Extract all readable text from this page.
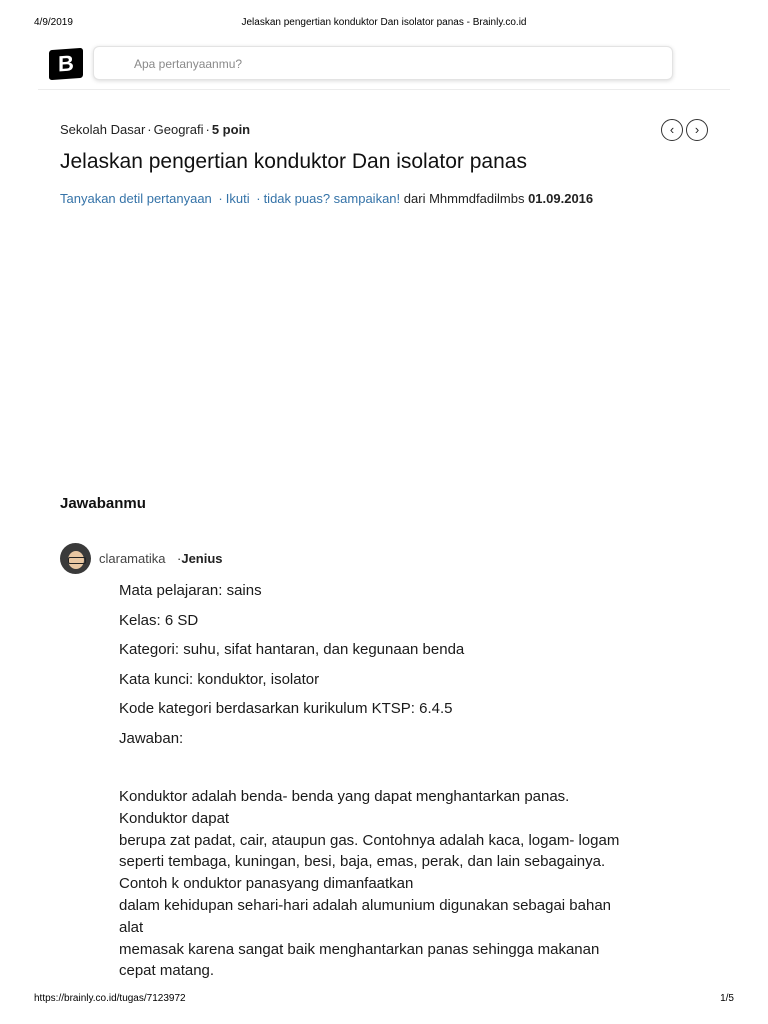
4/9/2019	Jelaskan pengertian konduktor Dan isolator panas - Brainly.co.id
B
Apa pertanyaanmu?
Sekolah Dasar · Geografi · 5 poin	‹	›
Jelaskan pengertian konduktor Dan isolator panas
Tanyakan detil pertanyaan · Ikuti · tidak puas? sampaikan! dari Mhmmdfadilmbs 01.09.2016
Jawabanmu
claramatika ·Jenius
Mata pelajaran: sains
Kelas: 6 SD
Kategori: suhu, sifat hantaran, dan kegunaan benda
Kata kunci: konduktor, isolator
Kode kategori berdasarkan kurikulum KTSP: 6.4.5
Jawaban:
Konduktor adalah benda- benda yang dapat menghantarkan panas.
Konduktor dapat
berupa zat padat, cair, ataupun gas. Contohnya adalah kaca, logam- logam
seperti tembaga, kuningan, besi, baja, emas, perak, dan lain sebagainya.
Contoh k onduktor panasyang dimanfaatkan
dalam kehidupan sehari-hari adalah alumunium digunakan sebagai bahan
alat
memasak karena sangat baik menghantarkan panas sehingga makanan
cepat matang.
https://brainly.co.id/tugas/7123972	1/5
